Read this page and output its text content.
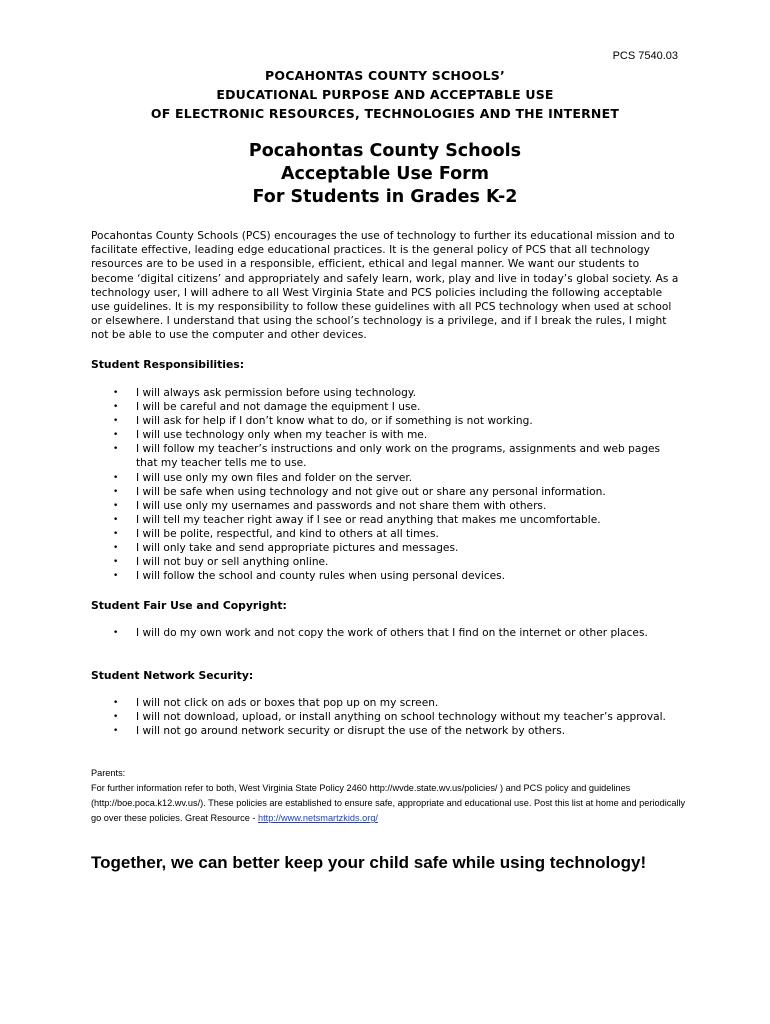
PCS 7540.03
POCAHONTAS COUNTY SCHOOLS’
EDUCATIONAL PURPOSE AND ACCEPTABLE USE
OF ELECTRONIC RESOURCES, TECHNOLOGIES AND THE INTERNET
Pocahontas County Schools
Acceptable Use Form
For Students in Grades K-2

Pocahontas County Schools (PCS) encourages the use of technology to further its educational mission and to facilitate effective, leading edge educational practices. It is the general policy of PCS that all technology resources are to be used in a responsible, efficient, ethical and legal manner. We want our students to become ‘digital citizens’ and appropriately and safely learn, work, play and live in today’s global society. As a technology user, I will adhere to all West Virginia State and PCS policies including the following acceptable use guidelines. It is my responsibility to follow these guidelines with all PCS technology when used at school or elsewhere. I understand that using the school’s technology is a privilege, and if I break the rules, I might not be able to use the computer and other devices.

Student Responsibilities:
• I will always ask permission before using technology.
• I will be careful and not damage the equipment I use.
• I will ask for help if I don’t know what to do, or if something is not working.
• I will use technology only when my teacher is with me.
• I will follow my teacher’s instructions and only work on the programs, assignments and web pages that my teacher tells me to use.
• I will use only my own files and folder on the server.
• I will be safe when using technology and not give out or share any personal information.
• I will use only my usernames and passwords and not share them with others.
• I will tell my teacher right away if I see or read anything that makes me uncomfortable.
• I will be polite, respectful, and kind to others at all times.
• I will only take and send appropriate pictures and messages.
• I will not buy or sell anything online.
• I will follow the school and county rules when using personal devices.
Student Fair Use and Copyright:
• I will do my own work and not copy the work of others that I find on the internet or other places.
Student Network Security:
• I will not click on ads or boxes that pop up on my screen.
• I will not download, upload, or install anything on school technology without my teacher’s approval.
• I will not go around network security or disrupt the use of the network by others.
Parents:
For further information refer to both, West Virginia State Policy 2460 http://wvde.state.wv.us/policies/ ) and PCS policy and guidelines (http://boe.poca.k12.wv.us/). These policies are established to ensure safe, appropriate and educational use. Post this list at home and periodically go over these policies. Great Resource - http://www.netsmartzkids.org/
Together, we can better keep your child safe while using technology!
